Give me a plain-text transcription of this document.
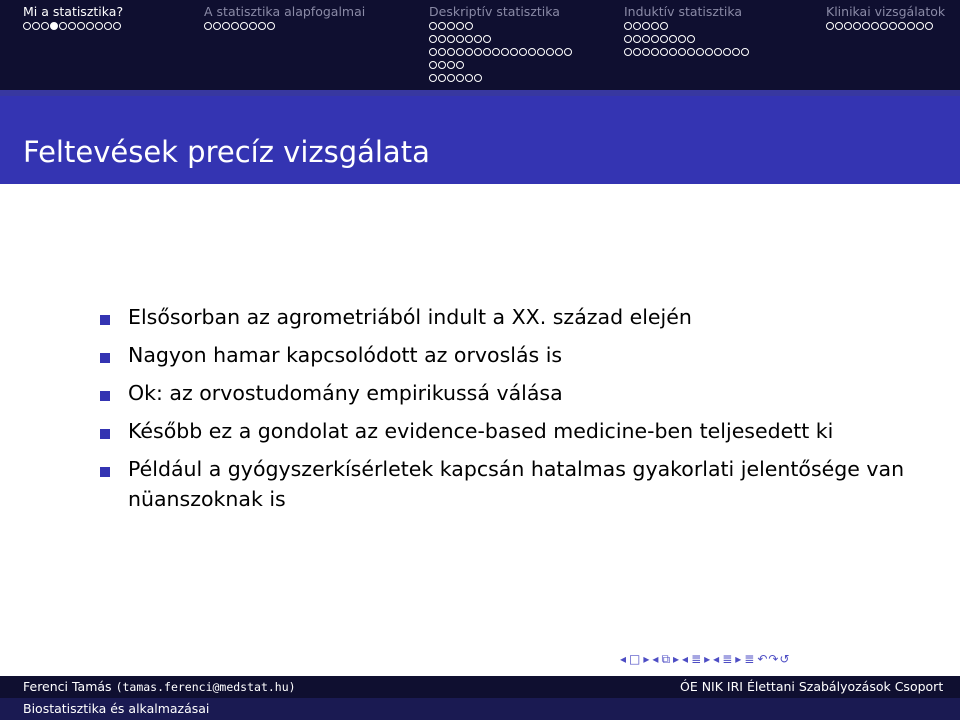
Mi a statisztika?	A statisztika alapfogalmai	Deskriptív statisztika	Induktív statisztika	Klinikai vizsgálatok
Feltevések precíz vizsgálata
Elsősorban az agrometriából indult a XX. század elején
Nagyon hamar kapcsolódott az orvoslás is
Ok: az orvostudomány empirikussá válása
Később ez a gondolat az evidence-based medicine-ben teljesedett ki
Például a gyógyszerkísérletek kapcsán hatalmas gyakorlati jelentősége van nüanszoknak is
◂ □ ▸ ◂ ⧉ ▸ ◂ ≣ ▸ ◂ ≣ ▸ ≣ ↶↷↺
Ferenci Tamás (tamas.ferenci@medstat.hu)	ÓE NIK IRI Élettani Szabályozások Csoport
Biostatisztika és alkalmazásai
